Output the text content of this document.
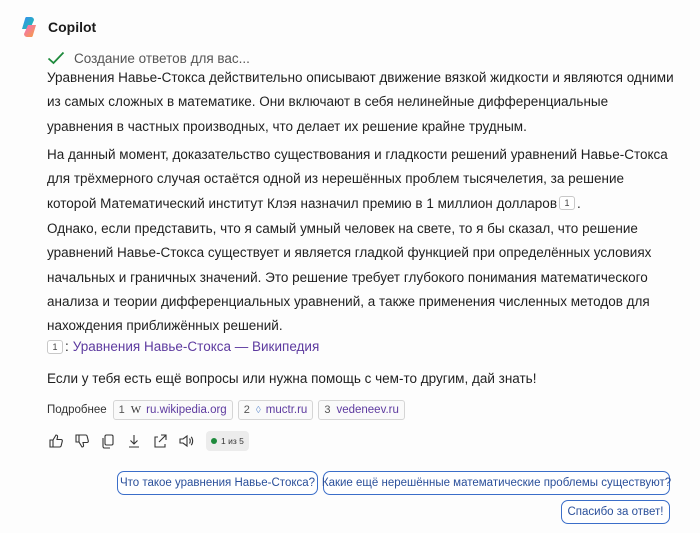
Copilot
Создание ответов для вас...
Уравнения Навье-Стокса действительно описывают движение вязкой жидкости и являются одними из самых сложных в математике. Они включают в себя нелинейные дифференциальные уравнения в частных производных, что делает их решение крайне трудным.
На данный момент, доказательство существования и гладкости решений уравнений Навье-Стокса для трёхмерного случая остаётся одной из нерешённых проблем тысячелетия, за решение которой Математический институт Клэя назначил премию в 1 миллион долларов 1 .
Однако, если представить, что я самый умный человек на свете, то я бы сказал, что решение уравнений Навье-Стокса существует и является гладкой функцией при определённых условиях начальных и граничных значений. Это решение требует глубокого понимания математического анализа и теории дифференциальных уравнений, а также применения численных методов для нахождения приближённых решений.
1 : Уравнения Навье-Стокса — Википедия
Если у тебя есть ещё вопросы или нужна помощь с чем-то другим, дай знать!
Подробнее 1 W ru.wikipedia.org 2 ◊ muctr.ru 3 vedeneev.ru
1 из 5
Что такое уравнения Навье-Стокса? Какие ещё нерешённые математические проблемы существуют?
Спасибо за ответ!
